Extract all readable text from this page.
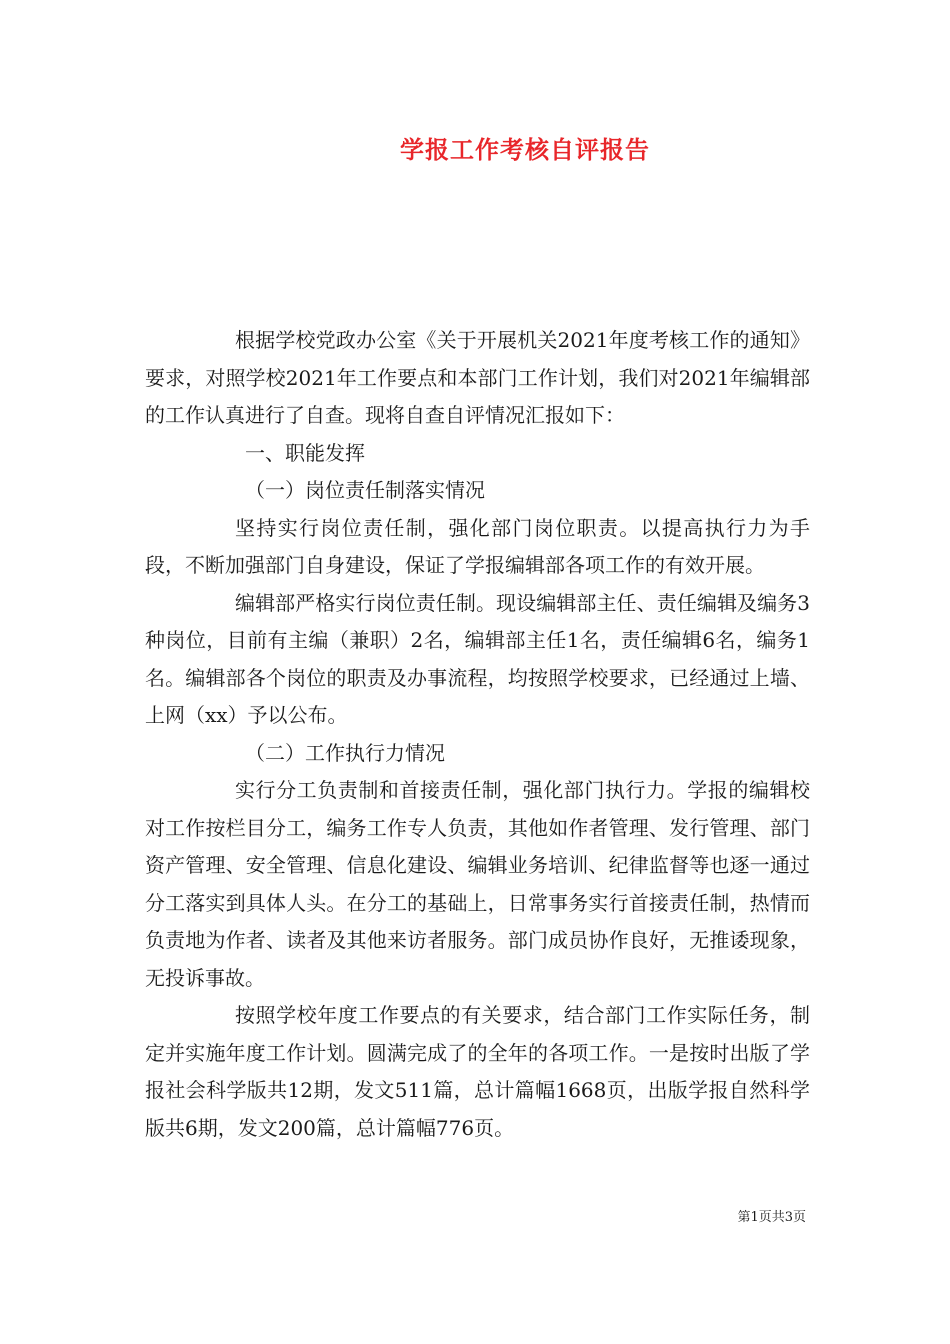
学报工作考核自评报告

根据学校党政办公室《关于开展机关2021年度考核工作的通知》要求，对照学校2021年工作要点和本部门工作计划，我们对2021年编辑部的工作认真进行了自查。现将自查自评情况汇报如下：

一、职能发挥

（一）岗位责任制落实情况

坚持实行岗位责任制，强化部门岗位职责。以提高执行力为手段，不断加强部门自身建设，保证了学报编辑部各项工作的有效开展。

编辑部严格实行岗位责任制。现设编辑部主任、责任编辑及编务3种岗位，目前有主编（兼职）2名，编辑部主任1名，责任编辑6名，编务1名。编辑部各个岗位的职责及办事流程，均按照学校要求，已经通过上墙、上网（xx）予以公布。

（二）工作执行力情况

实行分工负责制和首接责任制，强化部门执行力。学报的编辑校对工作按栏目分工，编务工作专人负责，其他如作者管理、发行管理、部门资产管理、安全管理、信息化建设、编辑业务培训、纪律监督等也逐一通过分工落实到具体人头。在分工的基础上，日常事务实行首接责任制，热情而负责地为作者、读者及其他来访者服务。部门成员协作良好，无推诿现象，无投诉事故。

按照学校年度工作要点的有关要求，结合部门工作实际任务，制定并实施年度工作计划。圆满完成了的全年的各项工作。一是按时出版了学报社会科学版共12期，发文511篇，总计篇幅1668页，出版学报自然科学版共6期，发文200篇，总计篇幅776页。

第1页共3页
